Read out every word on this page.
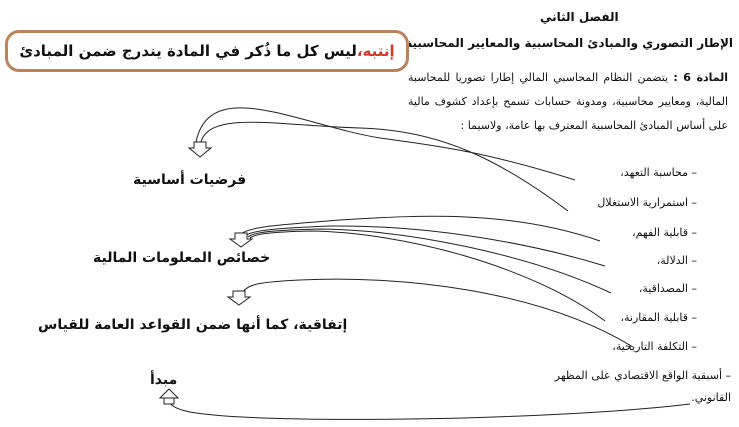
الفصل الثاني
الإطار التصوري والمبادئ المحاسبية والمعايير المحاسبية
إنتبه،
ليس كل ما ذُكر في المادة يندرج ضمن المبادئ
المادة 6 : يتضمن النظام المحاسبي المالي إطارا تصوريا للمحاسبة المالية، ومعايير محاسبية، ومدونة حسابات تسمح بإعداد كشوف مالية على أساس المبادئ المحاسبية المعترف بها عامة، ولاسيما :
– محاسبة التعهد،
– استمرارية الاستغلال
– قابلية الفهم،
– الدلالة،
– المصداقية،
– قابلية المقارنة،
– التكلفة التاريخية،
– أسبقية الواقع الاقتصادي على المظهر
القانوني.
فرضيات أساسية
خصائص المعلومات المالية
إتفاقية، كما أنها ضمن القواعد العامة للقياس
مبدأ
